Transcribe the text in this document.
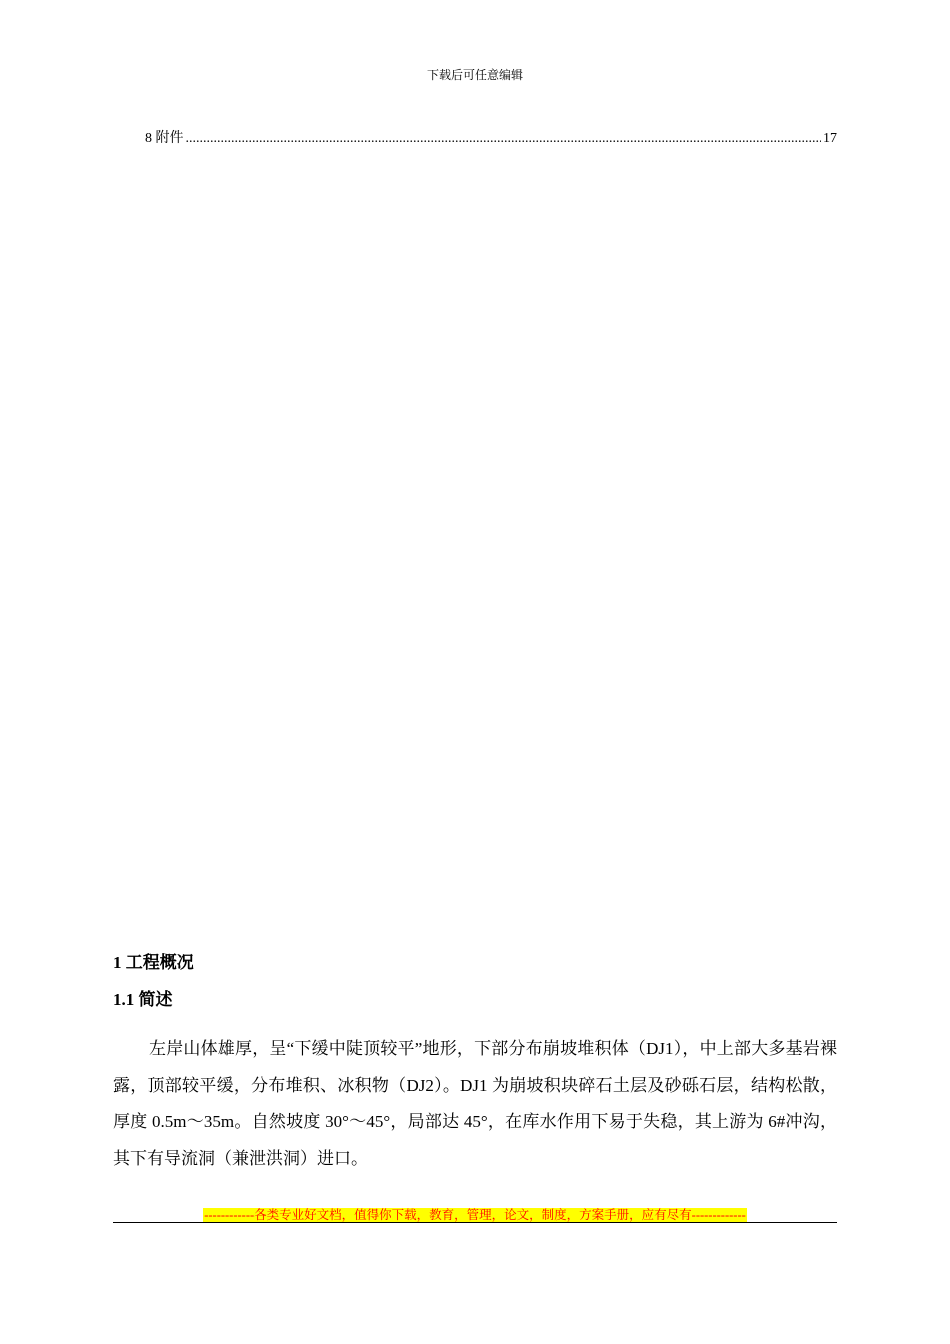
下载后可任意编辑
8 附件
.....	17
1 工程概况
1.1 简述

左岸山体雄厚，呈“下缓中陡顶较平”地形，下部分布崩坡堆积体（DJ1），中上部大多基岩裸露，顶部较平缓，分布堆积、冰积物（DJ2）。DJ1 为崩坡积块碎石土层及砂砾石层，结构松散，厚度 0.5m～35m。自然坡度 30°～45°，局部达 45°，在库水作用下易于失稳，其上游为 6#冲沟，其下有导流洞（兼泄洪洞）进口。

------------各类专业好文档，值得你下载，教育，管理，论文，制度，方案手册，应有尽有-------------
